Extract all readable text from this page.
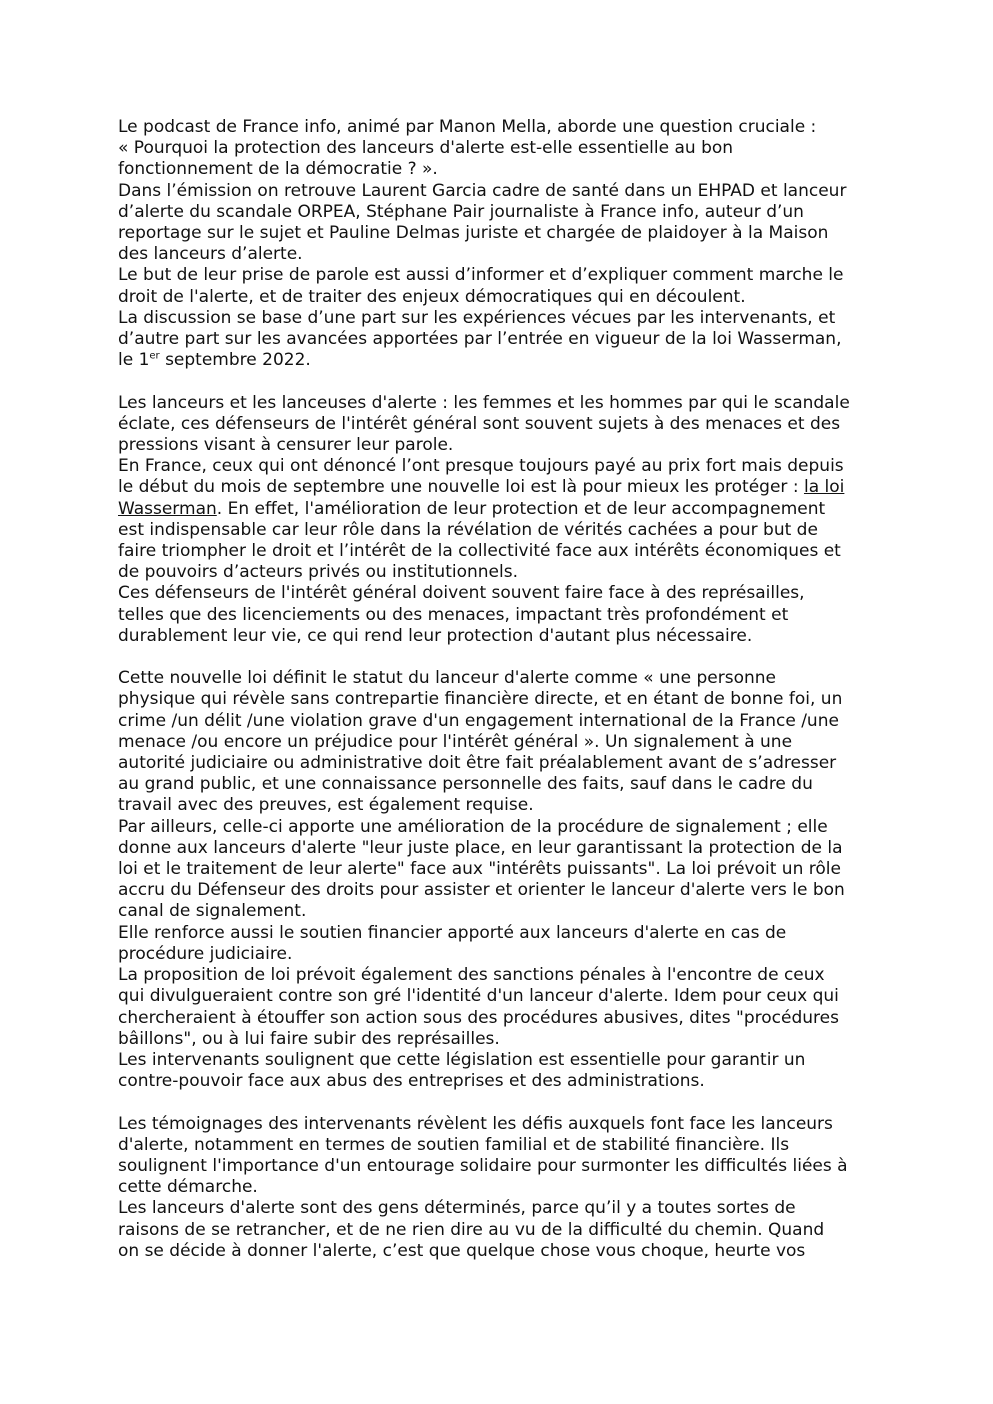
Le podcast de France info, animé par Manon Mella, aborde une question cruciale :

« Pourquoi la protection des lanceurs d'alerte est-elle essentielle au bon

fonctionnement de la démocratie ? ».

Dans l’émission on retrouve Laurent Garcia cadre de santé dans un EHPAD et lanceur

d’alerte du scandale ORPEA, Stéphane Pair journaliste à France info, auteur d’un

reportage sur le sujet et Pauline Delmas juriste et chargée de plaidoyer à la Maison

des lanceurs d’alerte.

Le but de leur prise de parole est aussi d’informer et d’expliquer comment marche le

droit de l'alerte, et de traiter des enjeux démocratiques qui en découlent.

La discussion se base d’une part sur les expériences vécues par les intervenants, et

d’autre part sur les avancées apportées par l’entrée en vigueur de la loi Wasserman,

le 1er septembre 2022.

Les lanceurs et les lanceuses d'alerte : les femmes et les hommes par qui le scandale

éclate, ces défenseurs de l'intérêt général sont souvent sujets à des menaces et des

pressions visant à censurer leur parole.

En France, ceux qui ont dénoncé l’ont presque toujours payé au prix fort mais depuis

le début du mois de septembre une nouvelle loi est là pour mieux les protéger : la loi

Wasserman. En effet, l'amélioration de leur protection et de leur accompagnement

est indispensable car leur rôle dans la révélation de vérités cachées a pour but de

faire triompher le droit et l’intérêt de la collectivité face aux intérêts économiques et

de pouvoirs d’acteurs privés ou institutionnels.

Ces défenseurs de l'intérêt général doivent souvent faire face à des représailles,

telles que des licenciements ou des menaces, impactant très profondément et

durablement leur vie, ce qui rend leur protection d'autant plus nécessaire.

Cette nouvelle loi définit le statut du lanceur d'alerte comme « une personne

physique qui révèle sans contrepartie financière directe, et en étant de bonne foi, un

crime /un délit /une violation grave d'un engagement international de la France /une

menace /ou encore un préjudice pour l'intérêt général ». Un signalement à une

autorité judiciaire ou administrative doit être fait préalablement avant de s’adresser

au grand public, et une connaissance personnelle des faits, sauf dans le cadre du

travail avec des preuves, est également requise.

Par ailleurs, celle-ci apporte une amélioration de la procédure de signalement ; elle

donne aux lanceurs d'alerte "leur juste place, en leur garantissant la protection de la

loi et le traitement de leur alerte" face aux "intérêts puissants". La loi prévoit un rôle

accru du Défenseur des droits pour assister et orienter le lanceur d'alerte vers le bon

canal de signalement.

Elle renforce aussi le soutien financier apporté aux lanceurs d'alerte en cas de

procédure judiciaire.

La proposition de loi prévoit également des sanctions pénales à l'encontre de ceux

qui divulgueraient contre son gré l'identité d'un lanceur d'alerte. Idem pour ceux qui

chercheraient à étouffer son action sous des procédures abusives, dites "procédures

bâillons", ou à lui faire subir des représailles.

Les intervenants soulignent que cette législation est essentielle pour garantir un

contre-pouvoir face aux abus des entreprises et des administrations.

Les témoignages des intervenants révèlent les défis auxquels font face les lanceurs

d'alerte, notamment en termes de soutien familial et de stabilité financière. Ils

soulignent l'importance d'un entourage solidaire pour surmonter les difficultés liées à

cette démarche.

Les lanceurs d'alerte sont des gens déterminés, parce qu’il y a toutes sortes de

raisons de se retrancher, et de ne rien dire au vu de la difficulté du chemin. Quand

on se décide à donner l'alerte, c’est que quelque chose vous choque, heurte vos
